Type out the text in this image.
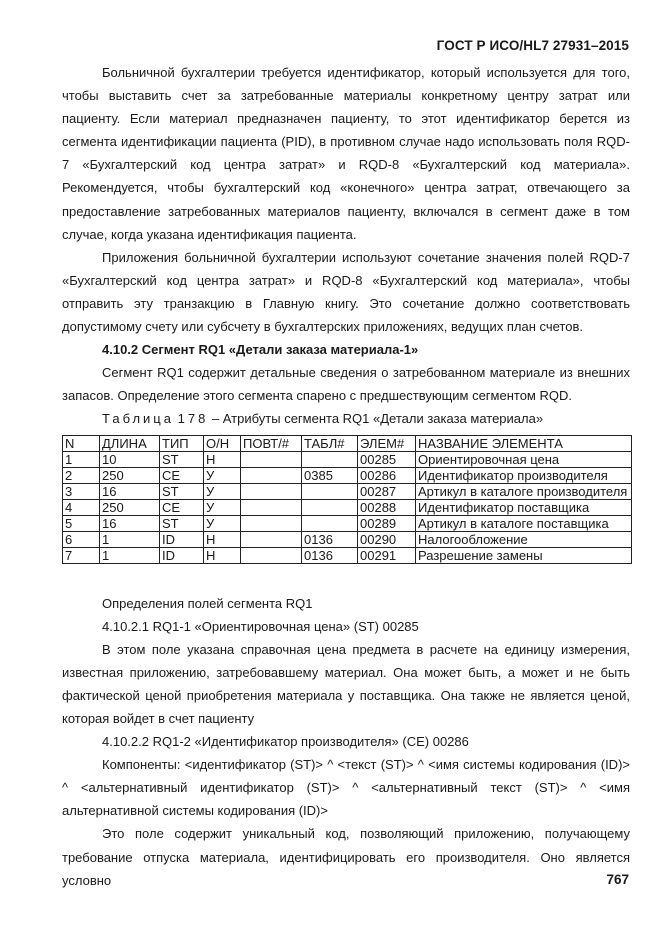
ГОСТ Р ИСО/HL7 27931–2015

Больничной бухгалтерии требуется идентификатор, который используется для того, чтобы выставить счет за затребованные материалы конкретному центру затрат или пациенту. Если материал предназначен пациенту, то этот идентификатор берется из сегмента идентификации пациента (PID), в противном случае надо использовать поля RQD-7 «Бухгалтерский код центра затрат» и RQD-8 «Бухгалтерский код материала». Рекомендуется, чтобы бухгалтерский код «конечного» центра затрат, отвечающего за предоставление затребованных материалов пациенту, включался в сегмент даже в том случае, когда указана идентификация пациента.

Приложения больничной бухгалтерии используют сочетание значения полей RQD-7 «Бухгалтерский код центра затрат» и RQD-8 «Бухгалтерский код материала», чтобы отправить эту транзакцию в Главную книгу. Это сочетание должно соответствовать допустимому счету или субсчету в бухгалтерских приложениях, ведущих план счетов.

4.10.2 Сегмент RQ1 «Детали заказа материала-1»

Сегмент RQ1 содержит детальные сведения о затребованном материале из внешних запасов. Определение этого сегмента спарено с предшествующим сегментом RQD.

Таблица 178 – Атрибуты сегмента RQ1 «Детали заказа материала»

N	ДЛИНА	ТИП	О/Н	ПОВТ/#	ТАБЛ#	ЭЛЕМ#	НАЗВАНИЕ ЭЛЕМЕНТА
1	10	ST	Н			00285	Ориентировочная цена
2	250	CE	У		0385	00286	Идентификатор производителя
3	16	ST	У			00287	Артикул в каталоге производителя
4	250	CE	У			00288	Идентификатор поставщика
5	16	ST	У			00289	Артикул в каталоге поставщика
6	1	ID	Н		0136	00290	Налогообложение
7	1	ID	Н		0136	00291	Разрешение замены

Определения полей сегмента RQ1

4.10.2.1 RQ1-1 «Ориентировочная цена» (ST) 00285

В этом поле указана справочная цена предмета в расчете на единицу измерения, известная приложению, затребовавшему материал. Она может быть, а может и не быть фактической ценой приобретения материала у поставщика. Она также не является ценой, которая войдет в счет пациенту

4.10.2.2 RQ1-2 «Идентификатор производителя» (CE) 00286

Компоненты: <идентификатор (ST)> ^ <текст (ST)> ^ <имя системы кодирования (ID)> ^ <альтернативный идентификатор (ST)> ^ <альтернативный текст (ST)> ^ <имя альтернативной системы кодирования (ID)>

Это поле содержит уникальный код, позволяющий приложению, получающему требование отпуска материала, идентифицировать его производителя. Оно является условно	767
